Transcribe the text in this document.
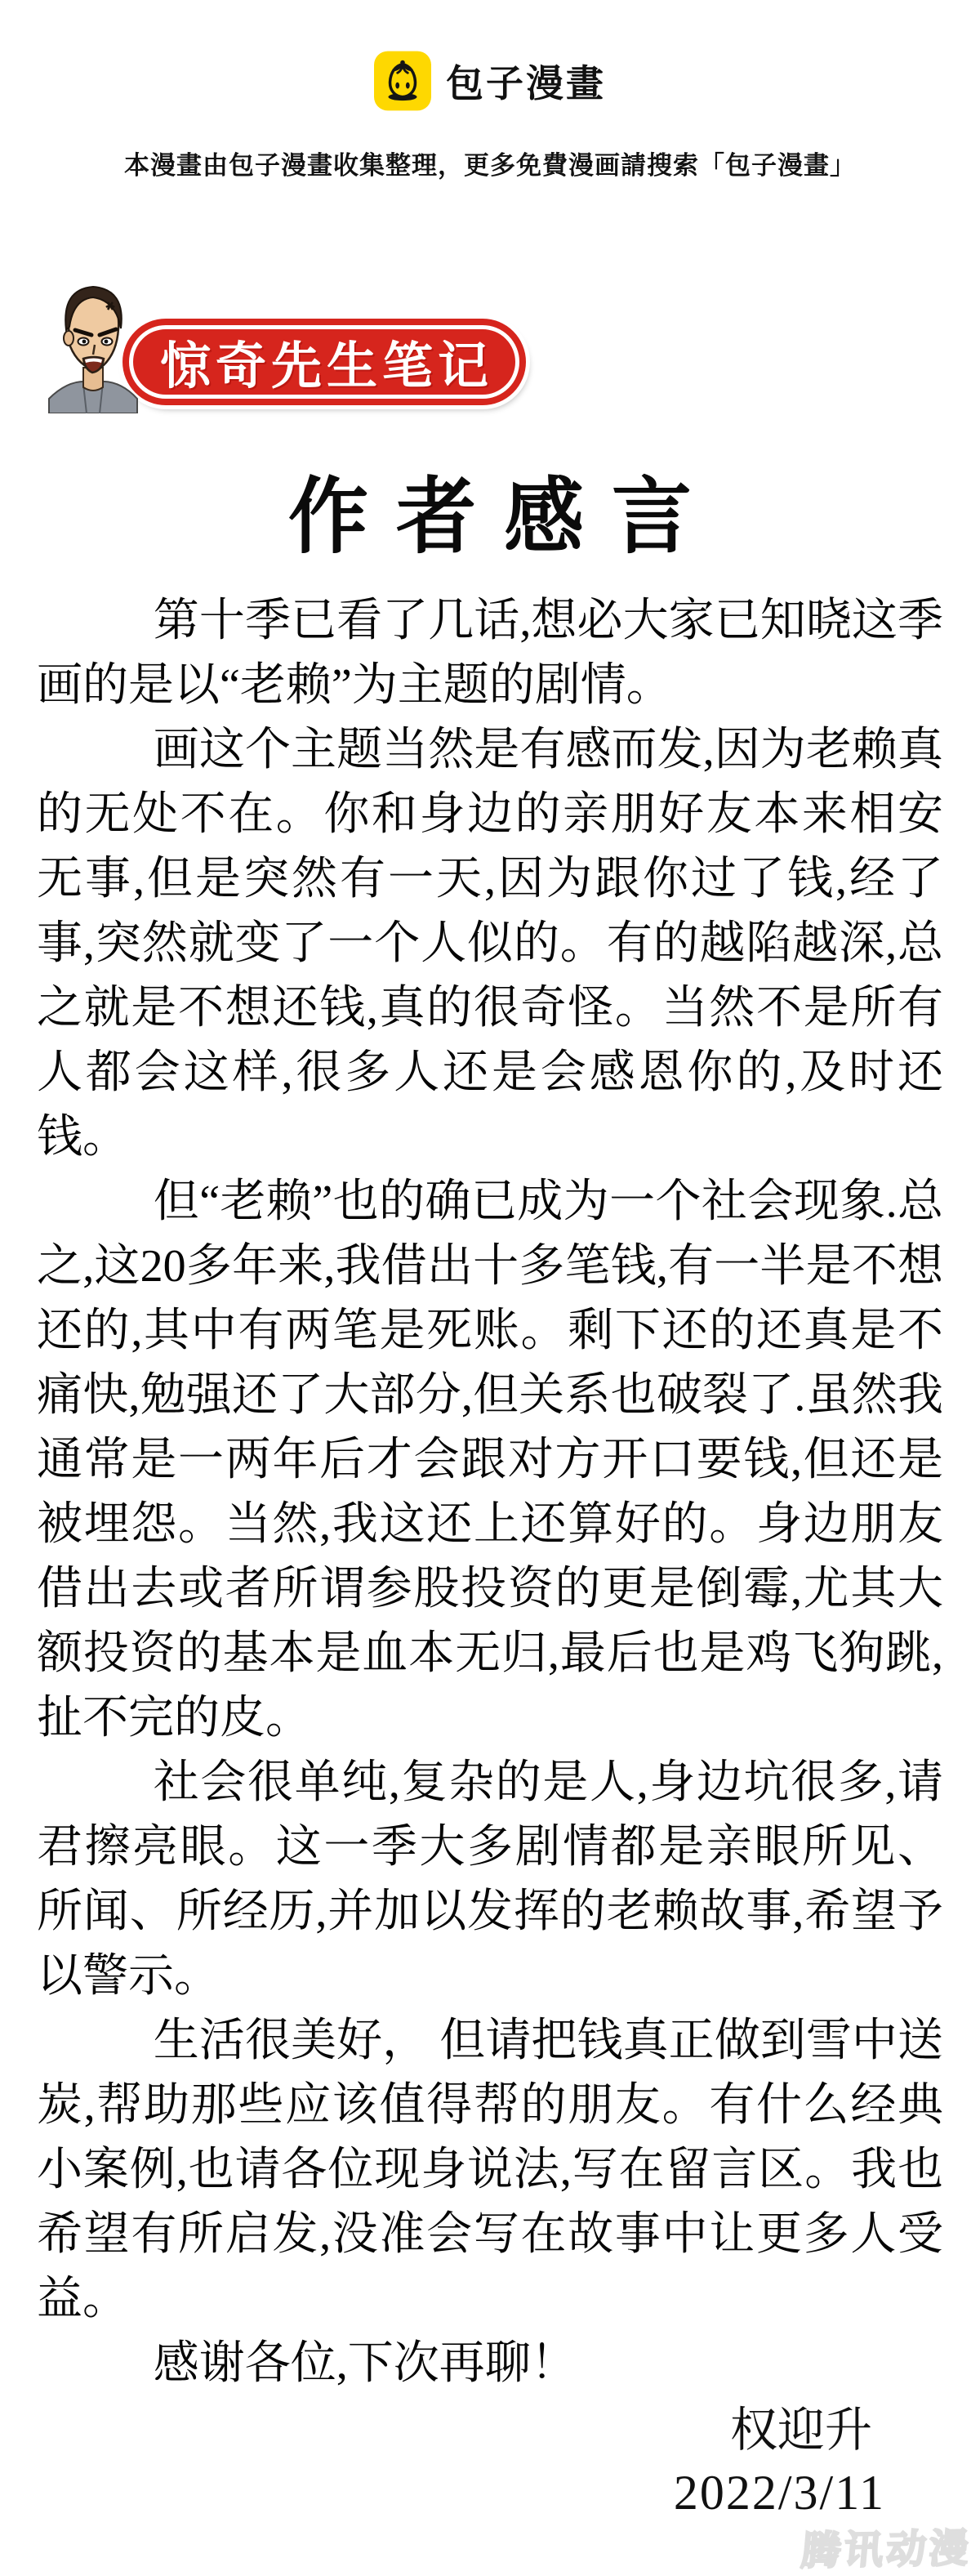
包子漫畫
本漫畫由包子漫畫收集整理，更多免費漫画請搜索「包子漫畫」
惊奇先生笔记
作者感言

第十季已看了几话,想必大家已知晓这季画的是以“老赖”为主题的剧情。

画这个主题当然是有感而发,因为老赖真的无处不在。你和身边的亲朋好友本来相安无事,但是突然有一天,因为跟你过了钱,经了事,突然就变了一个人似的。有的越陷越深,总之就是不想还钱,真的很奇怪。当然不是所有人都会这样,很多人还是会感恩你的,及时还钱。

但“老赖”也的确已成为一个社会现象.总之,这20多年来,我借出十多笔钱,有一半是不想还的,其中有两笔是死账。剩下还的还真是不痛快,勉强还了大部分,但关系也破裂了.虽然我通常是一两年后才会跟对方开口要钱,但还是被埋怨。当然,我这还上还算好的。身边朋友借出去或者所谓参股投资的更是倒霉,尤其大额投资的基本是血本无归,最后也是鸡飞狗跳,扯不完的皮。

社会很单纯,复杂的是人,身边坑很多,请君擦亮眼。这一季大多剧情都是亲眼所见、所闻、所经历,并加以发挥的老赖故事,希望予以警示。

生活很美好， 但请把钱真正做到雪中送炭,帮助那些应该值得帮的朋友。有什么经典小案例,也请各位现身说法,写在留言区。我也希望有所启发,没准会写在故事中让更多人受益。

感谢各位,下次再聊！

权迎升
2022/3/11
腾讯动漫
